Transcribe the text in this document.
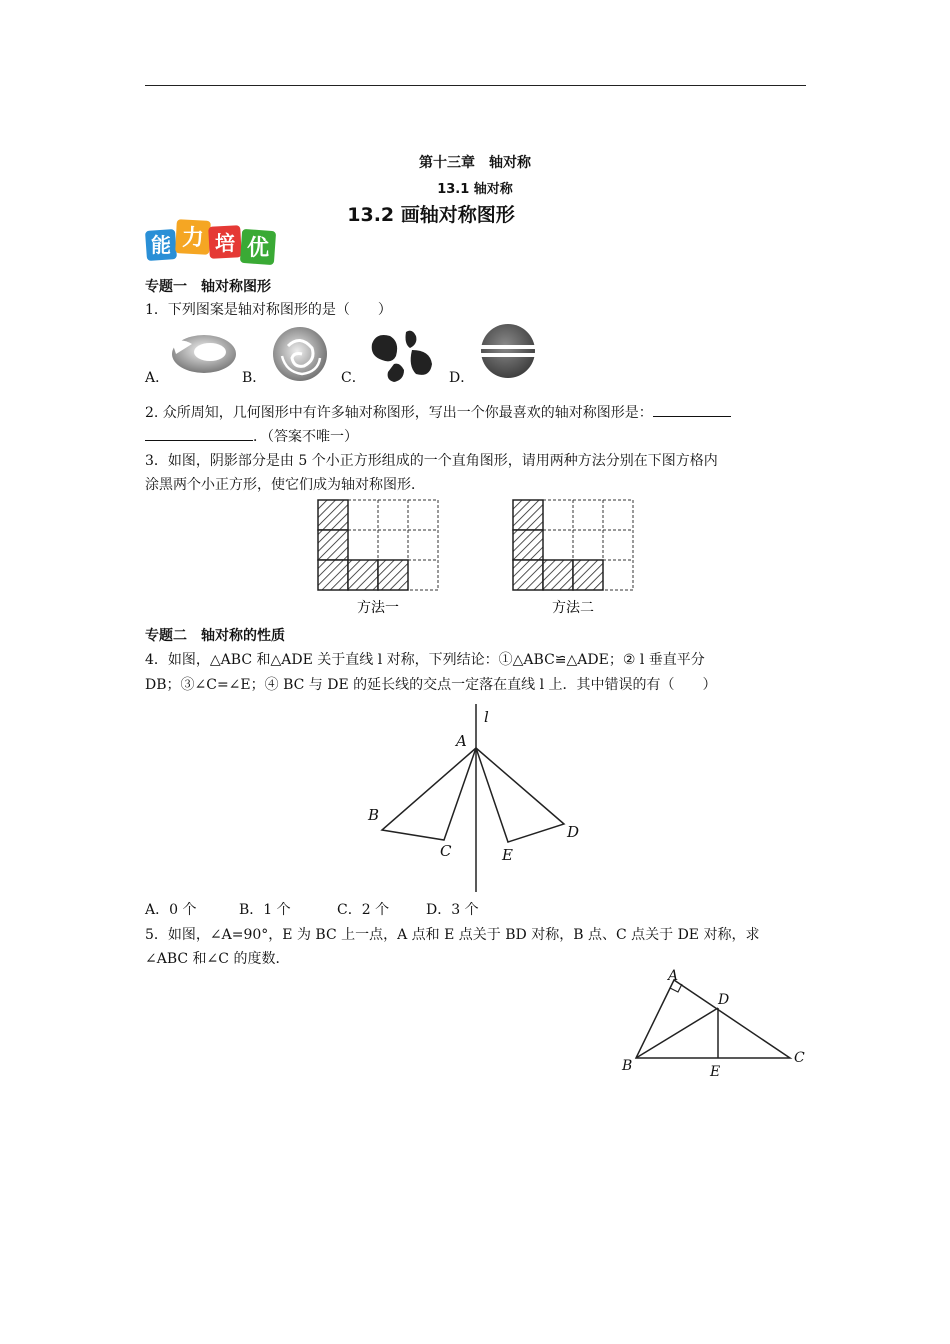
第十三章　轴对称
13.1 轴对称
13.2 画轴对称图形
能 力 培 优
专题一　轴对称图形
1．下列图案是轴对称图形的是（　　）
A．	B．	C．	D．
2. 众所周知，几何图形中有许多轴对称图形，写出一个你最喜欢的轴对称图形是：
．（答案不唯一）
3．如图，阴影部分是由 5 个小正方形组成的一个直角图形，请用两种方法分别在下图方格内
涂黑两个小正方形，使它们成为轴对称图形．
方法一	方法二
专题二　轴对称的性质
4．如图，△ABC 和△ADE 关于直线 l 对称，下列结论：①△ABC≌△ADE；② l 垂直平分
DB；③∠C=∠E；④ BC 与 DE 的延长线的交点一定落在直线 l 上．其中错误的有（　　）
l
A
B
C	E
D
A．0 个	B．1 个	C．2 个	D．3 个
5．如图，∠A=90°，E 为 BC 上一点，A 点和 E 点关于 BD 对称，B 点、C 点关于 DE 对称，求
∠ABC 和∠C 的度数．
A
D
B	E
C
